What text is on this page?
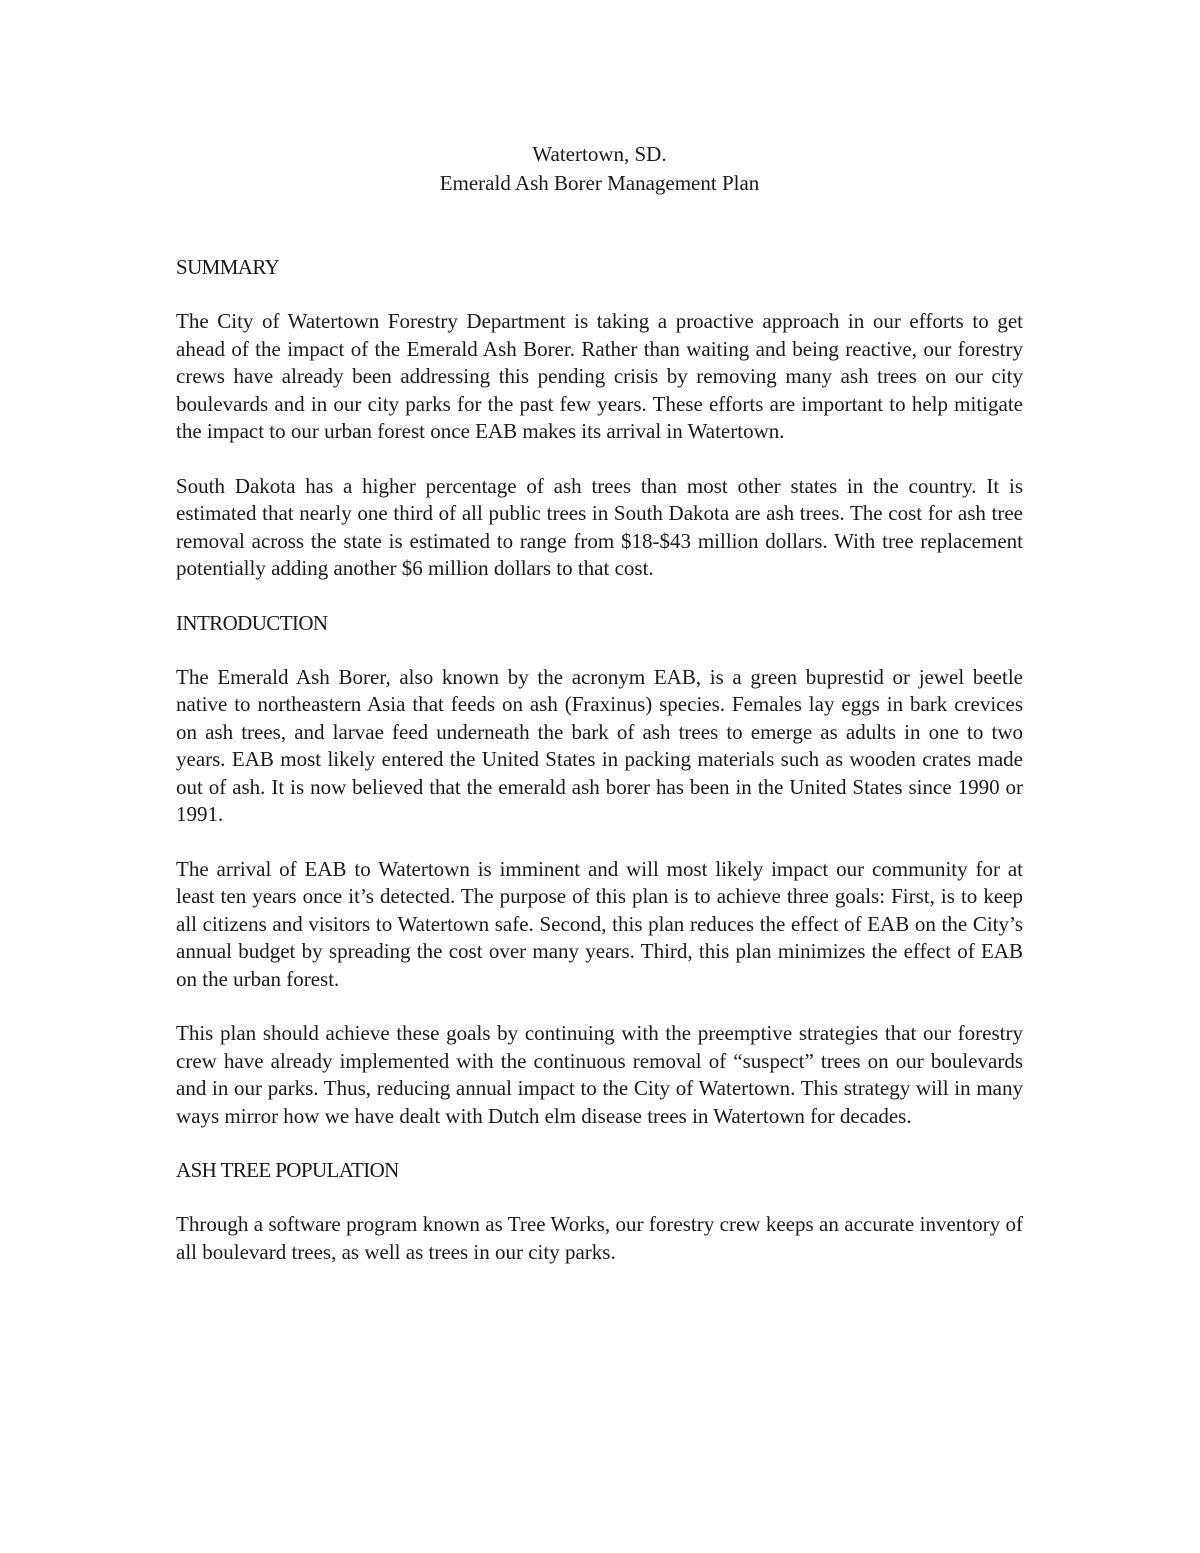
Watertown, SD.
Emerald Ash Borer Management Plan
SUMMARY

The City of Watertown Forestry Department is taking a proactive approach in our efforts to get ahead of the impact of the Emerald Ash Borer. Rather than waiting and being reactive, our forestry crews have already been addressing this pending crisis by removing many ash trees on our city boulevards and in our city parks for the past few years. These efforts are important to help mitigate the impact to our urban forest once EAB makes its arrival in Watertown.

South Dakota has a higher percentage of ash trees than most other states in the country. It is estimated that nearly one third of all public trees in South Dakota are ash trees. The cost for ash tree removal across the state is estimated to range from $18-$43 million dollars. With tree replacement potentially adding another $6 million dollars to that cost.

INTRODUCTION

The Emerald Ash Borer, also known by the acronym EAB, is a green buprestid or jewel beetle native to northeastern Asia that feeds on ash (Fraxinus) species. Females lay eggs in bark crevices on ash trees, and larvae feed underneath the bark of ash trees to emerge as adults in one to two years. EAB most likely entered the United States in packing materials such as wooden crates made out of ash. It is now believed that the emerald ash borer has been in the United States since 1990 or 1991.

The arrival of EAB to Watertown is imminent and will most likely impact our community for at least ten years once it’s detected. The purpose of this plan is to achieve three goals: First, is to keep all citizens and visitors to Watertown safe. Second, this plan reduces the effect of EAB on the City’s annual budget by spreading the cost over many years. Third, this plan minimizes the effect of EAB on the urban forest.

This plan should achieve these goals by continuing with the preemptive strategies that our forestry crew have already implemented with the continuous removal of “suspect” trees on our boulevards and in our parks. Thus, reducing annual impact to the City of Watertown. This strategy will in many ways mirror how we have dealt with Dutch elm disease trees in Watertown for decades.

ASH TREE POPULATION

Through a software program known as Tree Works, our forestry crew keeps an accurate inventory of all boulevard trees, as well as trees in our city parks.
